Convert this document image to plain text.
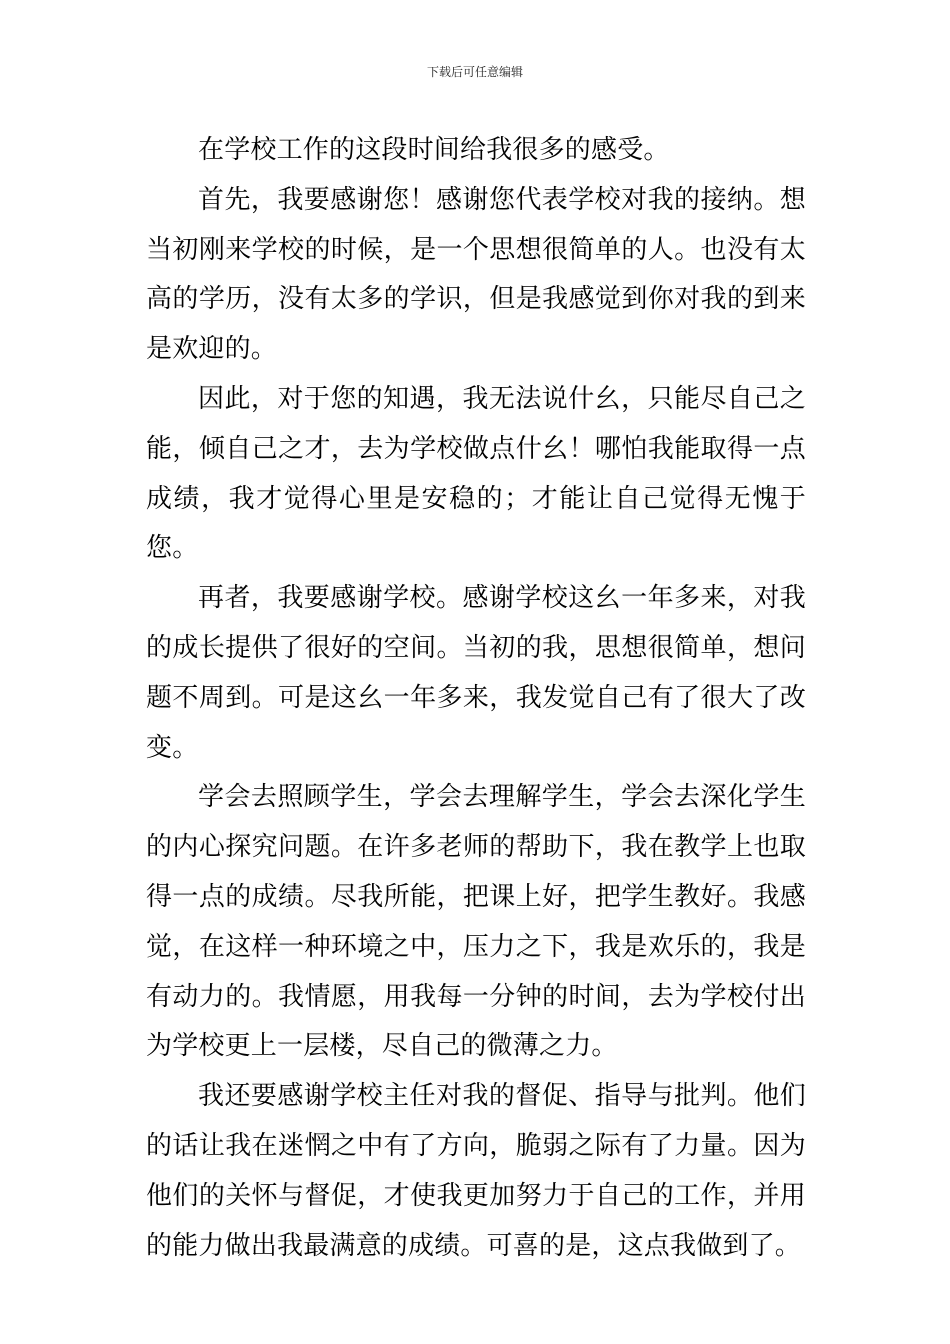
下载后可任意编辑

在学校工作的这段时间给我很多的感受。

首先，我要感谢您！感谢您代表学校对我的接纳。想当初刚来学校的时候，是一个思想很简单的人。也没有太高的学历，没有太多的学识，但是我感觉到你对我的到来是欢迎的。

因此，对于您的知遇，我无法说什幺，只能尽自己之能，倾自己之才，去为学校做点什幺！哪怕我能取得一点成绩，我才觉得心里是安稳的；才能让自己觉得无愧于您。

再者，我要感谢学校。感谢学校这幺一年多来，对我的成长提供了很好的空间。当初的我，思想很简单，想问题不周到。可是这幺一年多来，我发觉自己有了很大了改变。

学会去照顾学生，学会去理解学生，学会去深化学生的内心探究问题。在许多老师的帮助下，我在教学上也取得一点的成绩。尽我所能，把课上好，把学生教好。我感觉，在这样一种环境之中，压力之下，我是欢乐的，我是有动力的。我情愿，用我每一分钟的时间，去为学校付出为学校更上一层楼，尽自己的微薄之力。

我还要感谢学校主任对我的督促、指导与批判。他们的话让我在迷惘之中有了方向，脆弱之际有了力量。因为他们的关怀与督促，才使我更加努力于自己的工作，并用的能力做出我最满意的成绩。可喜的是，这点我做到了。
